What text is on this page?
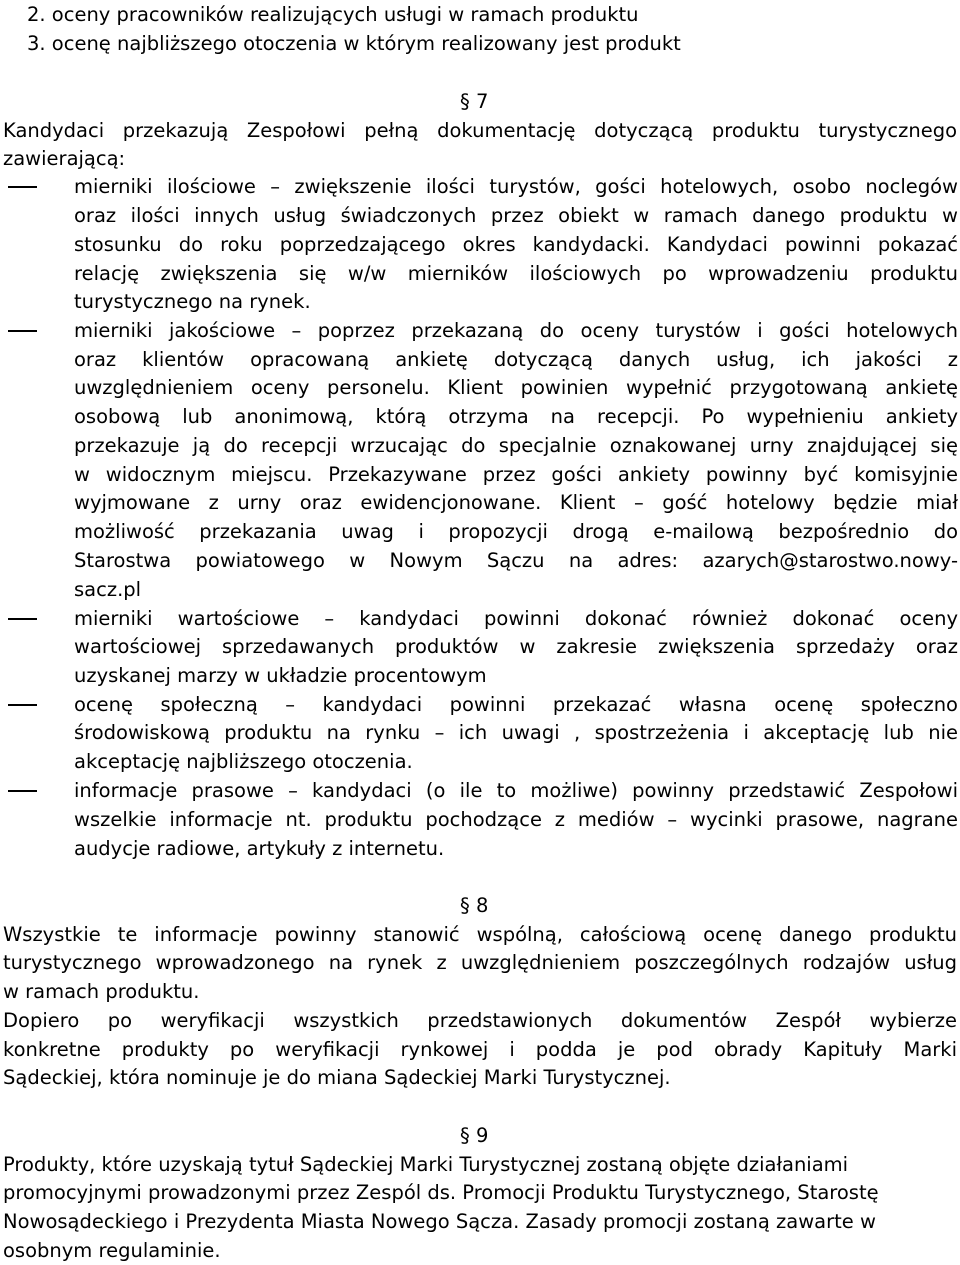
2. oceny pracowników realizujących usługi w ramach produktu
3. ocenę najbliższego otoczenia w którym realizowany jest produkt
§ 7
Kandydaci przekazują Zespołowi pełną dokumentację dotyczącą produktu turystycznego
zawierającą:
mierniki ilościowe – zwiększenie ilości turystów, gości hotelowych, osobo noclegów
oraz ilości innych usług świadczonych przez obiekt w ramach danego produktu w
stosunku do roku poprzedzającego okres kandydacki. Kandydaci powinni pokazać
relację zwiększenia się w/w mierników ilościowych po wprowadzeniu produktu
turystycznego na rynek.
mierniki jakościowe – poprzez przekazaną do oceny turystów i gości hotelowych
oraz klientów opracowaną ankietę dotyczącą danych usług, ich jakości z
uwzględnieniem oceny personelu. Klient powinien wypełnić przygotowaną ankietę
osobową lub anonimową, którą otrzyma na recepcji. Po wypełnieniu ankiety
przekazuje ją do recepcji wrzucając do specjalnie oznakowanej urny znajdującej się
w widocznym miejscu. Przekazywane przez gości ankiety powinny być komisyjnie
wyjmowane z urny oraz ewidencjonowane. Klient – gość hotelowy będzie miał
możliwość przekazania uwag i propozycji drogą e-mailową bezpośrednio do
Starostwa powiatowego w Nowym Sączu na adres: azarych@starostwo.nowy-
sacz.pl
mierniki wartościowe – kandydaci powinni dokonać również dokonać oceny
wartościowej sprzedawanych produktów w zakresie zwiększenia sprzedaży oraz
uzyskanej marzy w układzie procentowym
ocenę społeczną – kandydaci powinni przekazać własna ocenę społeczno
środowiskową produktu na rynku – ich uwagi , spostrzeżenia i akceptację lub nie
akceptację najbliższego otoczenia.
informacje prasowe – kandydaci (o ile to możliwe) powinny przedstawić Zespołowi
wszelkie informacje nt. produktu pochodzące z mediów – wycinki prasowe, nagrane
audycje radiowe, artykuły z internetu.
§ 8
Wszystkie te informacje powinny stanowić wspólną, całościową ocenę danego produktu
turystycznego wprowadzonego na rynek z uwzględnieniem poszczególnych rodzajów usług
w ramach produktu.
Dopiero po weryfikacji wszystkich przedstawionych dokumentów Zespół wybierze
konkretne produkty po weryfikacji rynkowej i podda je pod obrady Kapituły Marki
Sądeckiej, która nominuje je do miana Sądeckiej Marki Turystycznej.
§ 9
Produkty, które uzyskają tytuł Sądeckiej Marki Turystycznej zostaną objęte działaniami
promocyjnymi prowadzonymi przez Zespól ds. Promocji Produktu Turystycznego, Starostę
Nowosądeckiego i Prezydenta Miasta Nowego Sącza. Zasady promocji zostaną zawarte w
osobnym regulaminie.
